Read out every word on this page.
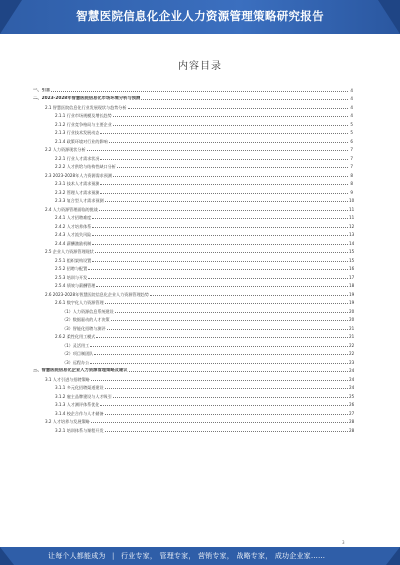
智慧医院信息化企业人力资源管理策略研究报告
内容目录
一、引言	4
二、2023-2028年智慧医院信息化市场环境分析与预测	4
2.1 智慧医院信息化行业发展现状与趋势分析	4
2.1.1 行业市场规模及增长趋势	4
2.1.2 行业竞争格局与主要企业	5
2.1.3 行业技术发展动态	5
2.1.4 政策环境对行业的影响	6
2.2 人力资源现状分析	7
2.2.1 行业人才需求状况	7
2.2.2 人才供给与结构性缺口分析	7
2.3 2023-2028年人力资源需求预测	8
2.3.1 技术人才需求预测	8
2.3.2 管理人才需求预测	9
2.3.3 复合型人才需求预测	10
2.4 人力资源管理面临的挑战	11
2.4.1 人才招聘难度	11
2.4.2 人才培养体系	12
2.4.3 人才流失风险	13
2.4.4 薪酬激励机制	14
2.5 企业人力资源管理现状	15
2.5.1 组织架构设置	15
2.5.2 招聘与配置	16
2.5.3 培训与开发	17
2.5.4 绩效与薪酬管理	18
2.6 2023-2028年智慧医院信息化企业人力资源管理趋势	19
2.6.1 数字化人力资源管理	19
（1）人力资源信息系统建设	20
（2）数据驱动的人才决策	20
（3）智能化招聘与测评	21
2.6.2 柔性化用工模式	21
（1）灵活用工	22
（2）项目制团队	22
（3）远程办公	23
三、智慧医院信息化企业人力资源管理策略及建议	24
3.1 人才引进与招聘策略	24
3.1.1 多元化招聘渠道建设	24
3.1.2 雇主品牌建设与人才吸引	25
3.1.3 人才测评体系优化	26
3.1.4 校企合作与人才储备	27
3.2 人才培养与发展策略	28
3.2.1 培训体系与课程开发	28
3
让每个人都能成为 | 行业专家， 管理专家， 营销专家， 战略专家， 成功企业家……
